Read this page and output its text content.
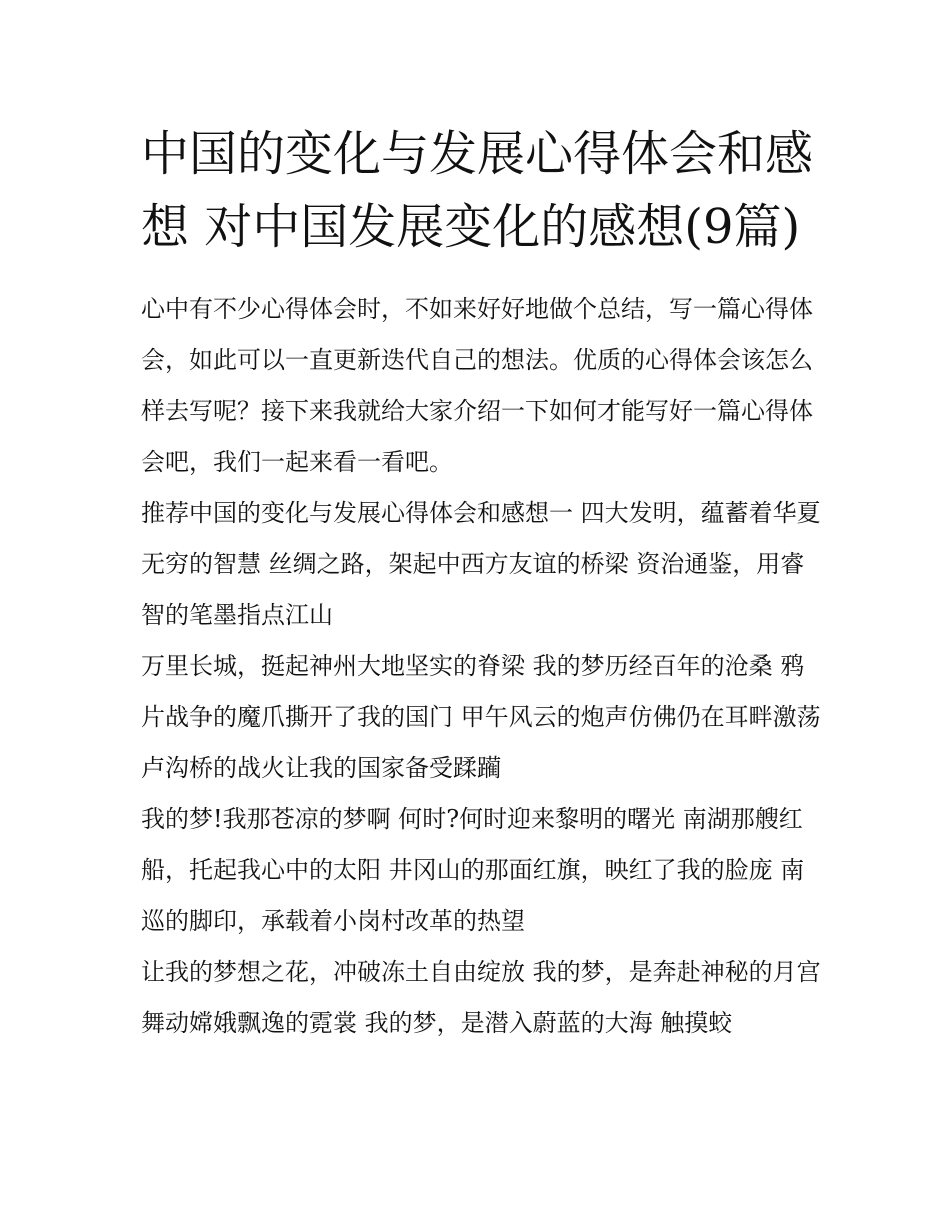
中国的变化与发展心得体会和感想 对中国发展变化的感想(9篇)

心中有不少心得体会时，不如来好好地做个总结，写一篇心得体会，如此可以一直更新迭代自己的想法。优质的心得体会该怎么样去写呢？接下来我就给大家介绍一下如何才能写好一篇心得体会吧，我们一起来看一看吧。

推荐中国的变化与发展心得体会和感想一 四大发明，蕴蓄着华夏无穷的智慧 丝绸之路，架起中西方友谊的桥梁 资治通鉴，用睿智的笔墨指点江山

万里长城，挺起神州大地坚实的脊梁 我的梦历经百年的沧桑 鸦片战争的魔爪撕开了我的国门 甲午风云的炮声仿佛仍在耳畔激荡 卢沟桥的战火让我的国家备受蹂躏

我的梦!我那苍凉的梦啊 何时?何时迎来黎明的曙光 南湖那艘红船，托起我心中的太阳 井冈山的那面红旗，映红了我的脸庞 南巡的脚印，承载着小岗村改革的热望

让我的梦想之花，冲破冻土自由绽放 我的梦，是奔赴神秘的月宫 舞动嫦娥飘逸的霓裳 我的梦，是潜入蔚蓝的大海 触摸蛟
